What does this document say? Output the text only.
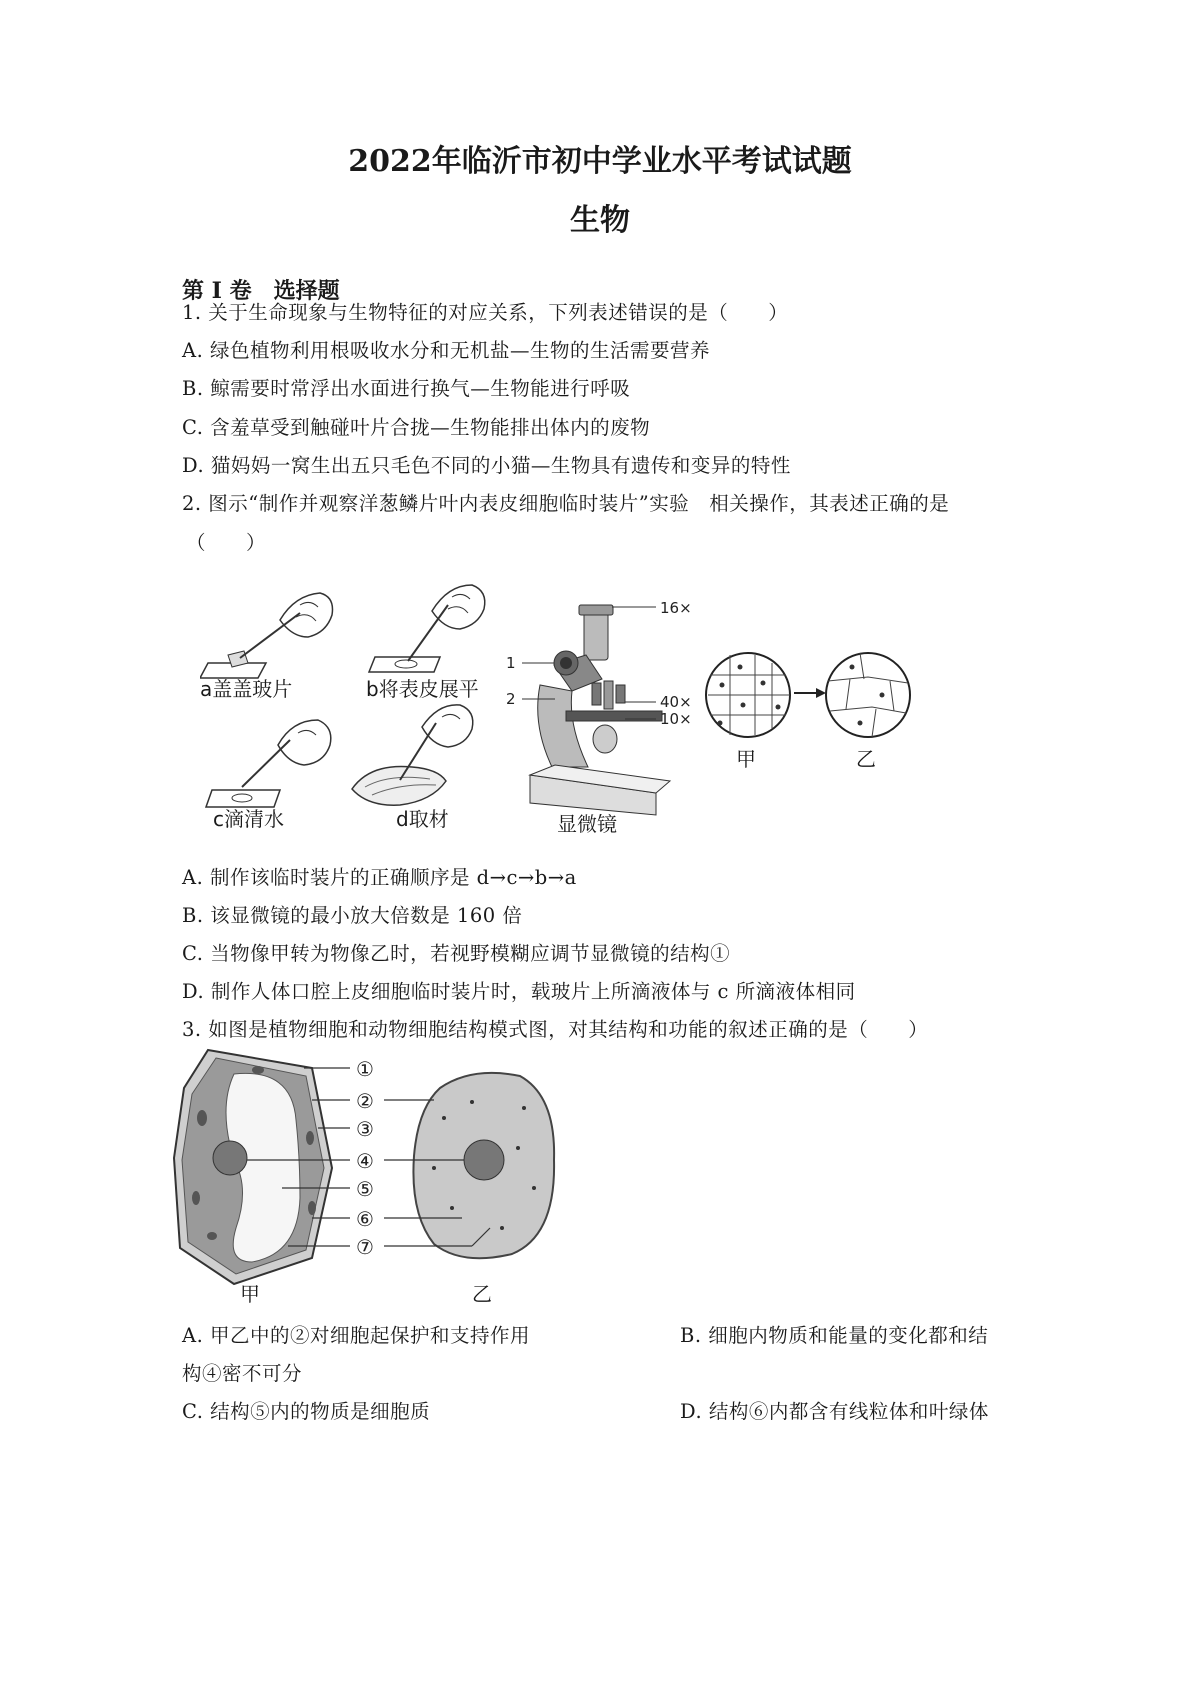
2022年临沂市初中学业水平考试试题
生物
第 I 卷　选择题
1. 关于生命现象与生物特征的对应关系，下列表述错误的是（　　）
A. 绿色植物利用根吸收水分和无机盐—生物的生活需要营养
B. 鲸需要时常浮出水面进行换气—生物能进行呼吸
C. 含羞草受到触碰叶片合拢—生物能排出体内的废物
D. 猫妈妈一窝生出五只毛色不同的小猫—生物具有遗传和变异的特性
2. 图示“制作并观察洋葱鳞片叶内表皮细胞临时装片”实验　相关操作，其表述正确的是
（　　）
16×
1
2	40×
10×
a盖盖玻片	b将表皮展平
c滴清水	d取材	显微镜
甲	乙
A. 制作该临时装片的正确顺序是 d→c→b→a
B. 该显微镜的最小放大倍数是 160 倍
C. 当物像甲转为物像乙时，若视野模糊应调节显微镜的结构①
D. 制作人体口腔上皮细胞临时装片时，载玻片上所滴液体与 c 所滴液体相同
3. 如图是植物细胞和动物细胞结构模式图，对其结构和功能的叙述正确的是（　　）
①
②
③
④
⑤
⑥
⑦
甲	乙
A. 甲乙中的②对细胞起保护和支持作用	B. 细胞内物质和能量的变化都和结
构④密不可分
C. 结构⑤内的物质是细胞质	D. 结构⑥内都含有线粒体和叶绿体
